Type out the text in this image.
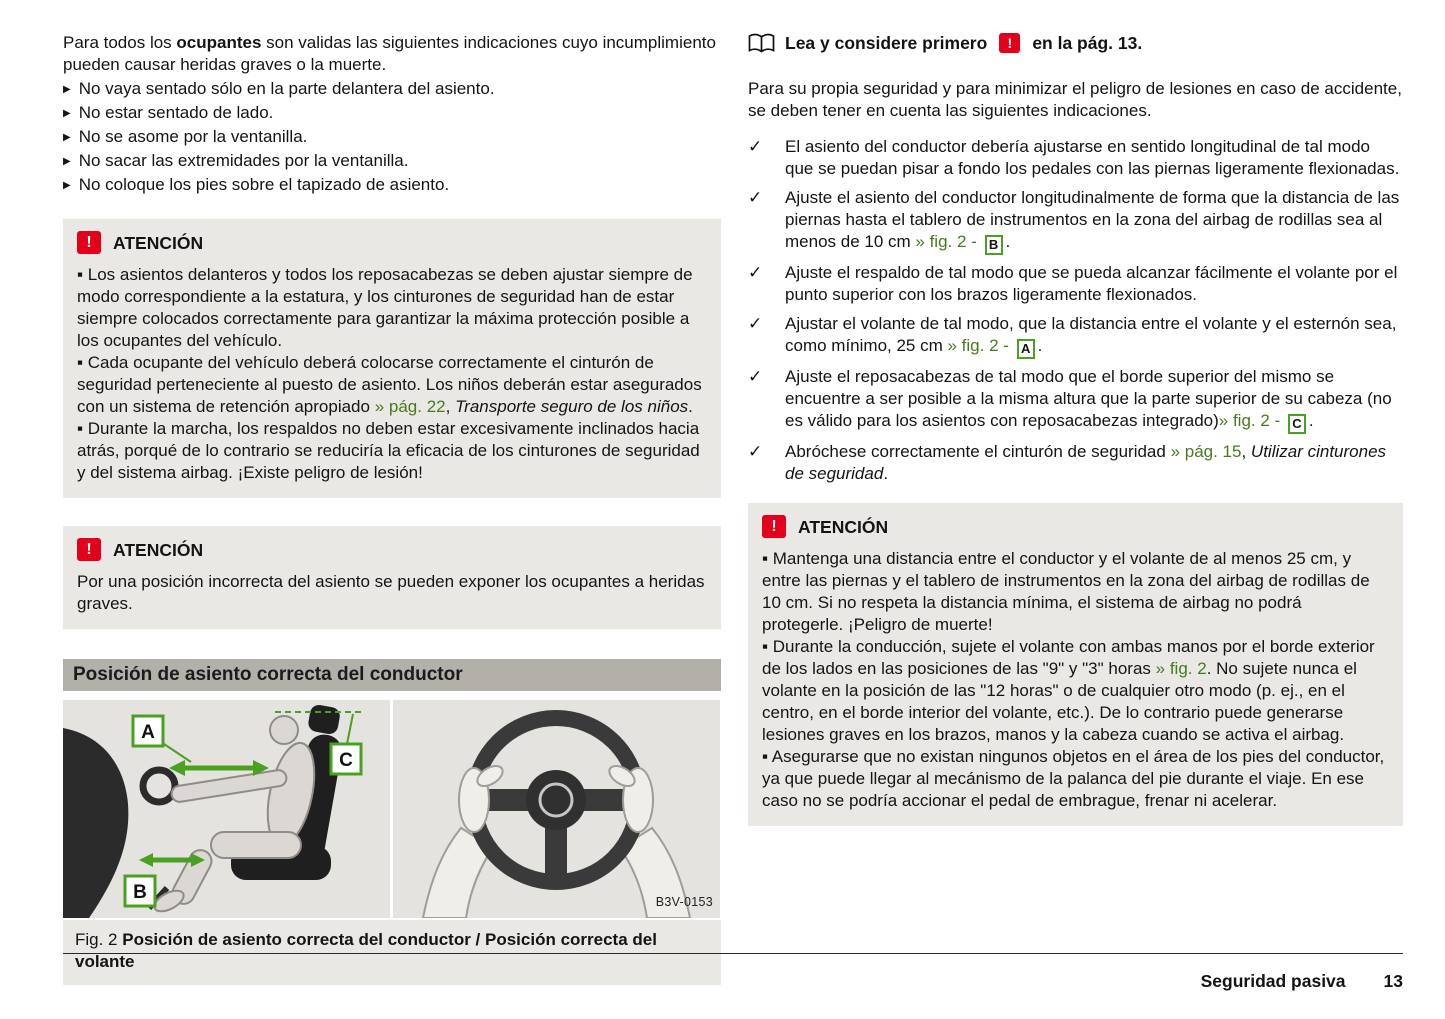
Para todos los ocupantes son validas las siguientes indicaciones cuyo incumplimiento pueden causar heridas graves o la muerte.

▶ No vaya sentado sólo en la parte delantera del asiento.
▶ No estar sentado de lado.
▶ No se asome por la ventanilla.
▶ No sacar las extremidades por la ventanilla.
▶ No coloque los pies sobre el tapizado de asiento.
!	ATENCIÓN

▪ Los asientos delanteros y todos los reposacabezas se deben ajustar siempre de modo correspondiente a la estatura, y los cinturones de seguridad han de estar siempre colocados correctamente para garantizar la máxima protección posible a los ocupantes del vehículo.

▪ Cada ocupante del vehículo deberá colocarse correctamente el cinturón de seguridad perteneciente al puesto de asiento. Los niños deberán estar asegurados con un sistema de retención apropiado » pág. 22, Transporte seguro de los niños.

▪ Durante la marcha, los respaldos no deben estar excesivamente inclinados hacia atrás, porqué de lo contrario se reduciría la eficacia de los cinturones de seguridad y del sistema airbag. ¡Existe peligro de lesión!

!	ATENCIÓN

Por una posición incorrecta del asiento se pueden exponer los ocupantes a heridas graves.

Posición de asiento correcta del conductor
A
B
C
B3V-0153
Fig. 2 Posición de asiento correcta del conductor / Posición correcta del volante
Lea y considere primero	!	en la pág. 13.

Para su propia seguridad y para minimizar el peligro de lesiones en caso de accidente, se deben tener en cuenta las siguientes indicaciones.

✓ El asiento del conductor debería ajustarse en sentido longitudinal de tal modo que se puedan pisar a fondo los pedales con las piernas ligeramente flexionadas.
✓ Ajuste el asiento del conductor longitudinalmente de forma que la distancia de las piernas hasta el tablero de instrumentos en la zona del airbag de rodillas sea al menos de 10 cm » fig. 2 - B .
✓ Ajuste el respaldo de tal modo que se pueda alcanzar fácilmente el volante por el punto superior con los brazos ligeramente flexionados.
✓ Ajustar el volante de tal modo, que la distancia entre el volante y el esternón sea, como mínimo, 25 cm » fig. 2 - A .
✓ Ajuste el reposacabezas de tal modo que el borde superior del mismo se encuentre a ser posible a la misma altura que la parte superior de su cabeza (no es válido para los asientos con reposacabezas integrado)» fig. 2 - C .
✓ Abróchese correctamente el cinturón de seguridad » pág. 15, Utilizar cinturones de seguridad.
!	ATENCIÓN

▪ Mantenga una distancia entre el conductor y el volante de al menos 25 cm, y entre las piernas y el tablero de instrumentos en la zona del airbag de rodillas de 10 cm. Si no respeta la distancia mínima, el sistema de airbag no podrá protegerle. ¡Peligro de muerte!

▪ Durante la conducción, sujete el volante con ambas manos por el borde exterior de los lados en las posiciones de las "9" y "3" horas » fig. 2. No sujete nunca el volante en la posición de las "12 horas" o de cualquier otro modo (p. ej., en el centro, en el borde interior del volante, etc.). De lo contrario puede generarse lesiones graves en los brazos, manos y la cabeza cuando se activa el airbag.

▪ Asegurarse que no existan ningunos objetos en el área de los pies del conductor, ya que puede llegar al mecánismo de la palanca del pie durante el viaje. En ese caso no se podría accionar el pedal de embrague, frenar ni acelerar.

Seguridad pasiva 13
